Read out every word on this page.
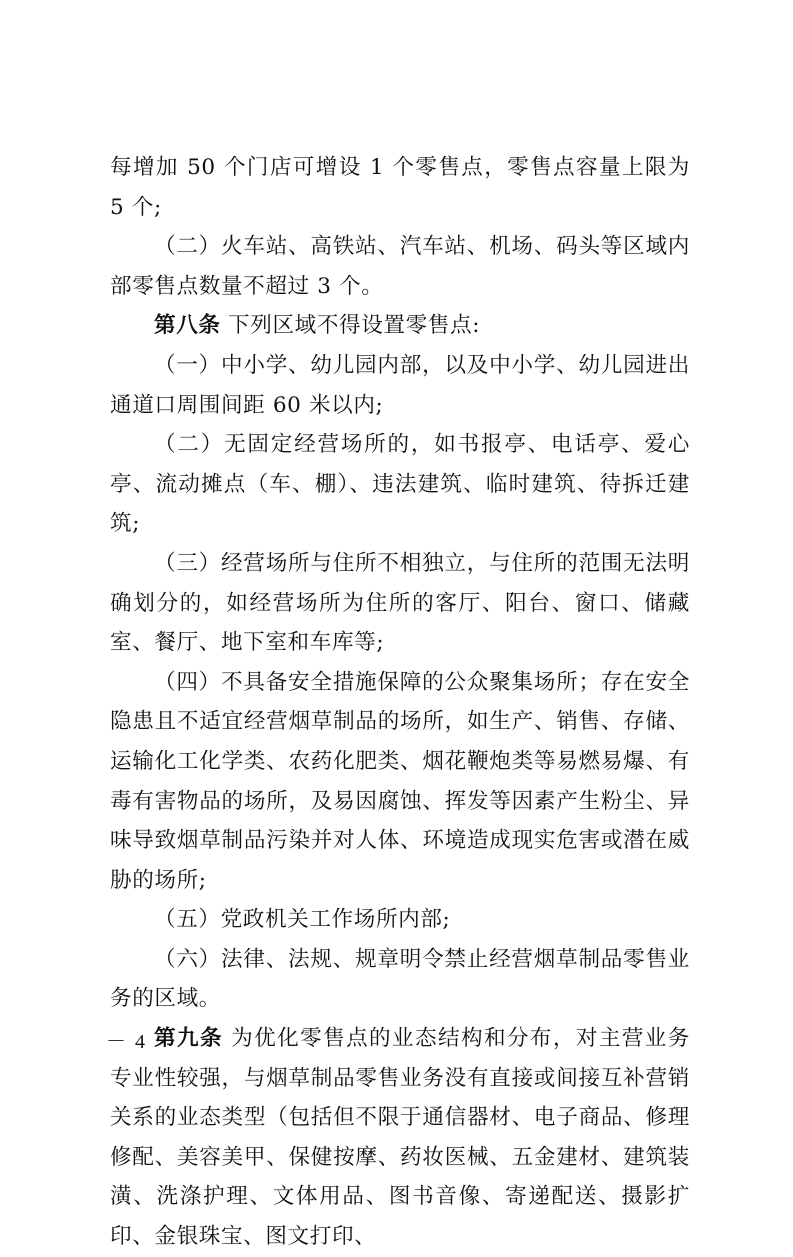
每增加 50 个门店可增设 1 个零售点，零售点容量上限为 5 个;

（二）火车站、高铁站、汽车站、机场、码头等区域内部零售点数量不超过 3 个。

第八条 下列区域不得设置零售点:

（一）中小学、幼儿园内部，以及中小学、幼儿园进出通道口周围间距 60 米以内;

（二）无固定经营场所的，如书报亭、电话亭、爱心亭、流动摊点（车、棚）、违法建筑、临时建筑、待拆迁建筑;

（三）经营场所与住所不相独立，与住所的范围无法明确划分的，如经营场所为住所的客厅、阳台、窗口、储藏室、餐厅、地下室和车库等;

（四）不具备安全措施保障的公众聚集场所；存在安全隐患且不适宜经营烟草制品的场所，如生产、销售、存储、运输化工化学类、农药化肥类、烟花鞭炮类等易燃易爆、有毒有害物品的场所，及易因腐蚀、挥发等因素产生粉尘、异味导致烟草制品污染并对人体、环境造成现实危害或潜在威胁的场所;

（五）党政机关工作场所内部;

（六）法律、法规、规章明令禁止经营烟草制品零售业务的区域。

第九条 为优化零售点的业态结构和分布，对主营业务专业性较强，与烟草制品零售业务没有直接或间接互补营销关系的业态类型（包括但不限于通信器材、电子商品、修理修配、美容美甲、保健按摩、药妆医械、五金建材、建筑装潢、洗涤护理、文体用品、图书音像、寄递配送、摄影扩印、金银珠宝、图文打印、

－ 4 －
